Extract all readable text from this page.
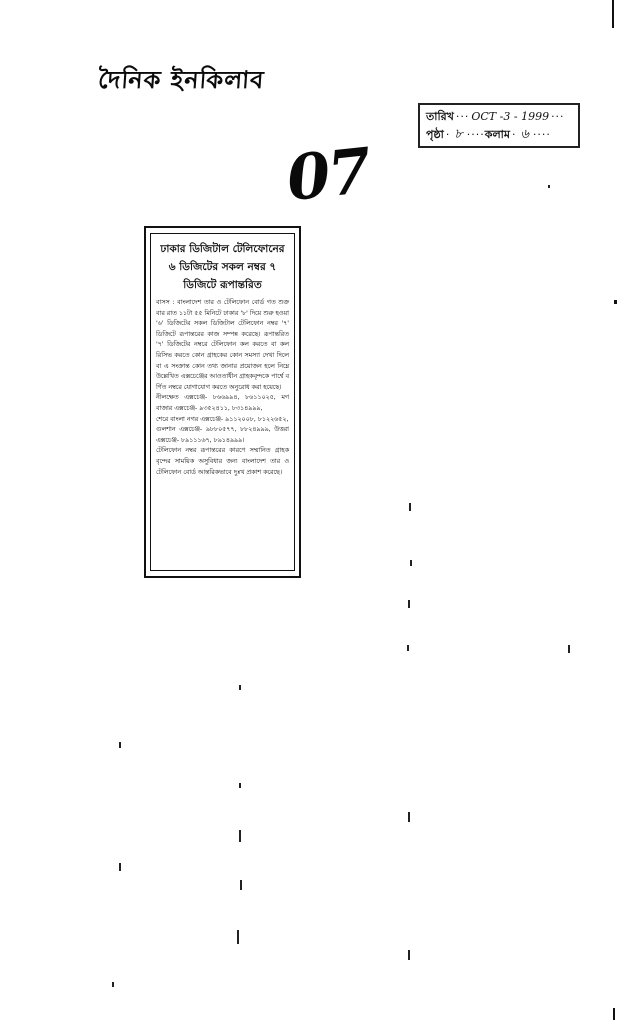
দৈনিক ইনকিলাব
তারিখ ··· OCT -3 - 1999 ···
পৃষ্ঠা · ৮ ···· কলাম · ৬ ····
07
ঢাকার ডিজিটাল টেলিফোনের
৬ ডিজিটের সকল নম্বর ৭
ডিজিটে রূপান্তরিত

বাসস : বাংলাদেশ তার ও টেলিফোন বোর্ড গত শুক্রবার রাত ১১টা ৫৫ মিনিটে ঢাকার '৮' দিয়ে শুরু হওয়া '৬' ডিজিটের সকল ডিজিটাল টেলিফোন নম্বর '৭' ডিজিটে রূপান্তরের কাজ সম্পন্ন করেছে। রূপান্তরিত '৭' ডিজিটের নম্বরে টেলিফোন কল করতে বা কল রিসিভ করতে কোন গ্রাহকের কোন সমস্যা দেখা দিলে বা এ সংক্রান্ত কোন তথ্য জানার প্রয়োজন হলে নিম্নে উল্লেখিত এক্সচেঞ্জের আওতাধীন গ্রাহকবৃন্দকে পার্শ্বে বর্ণিত নম্বরে যোগাযোগ করতে অনুরোধ করা হয়েছে।

নীলক্ষেত এক্সচেঞ্জ- ৮৬৬৯৯৪, ৮৬১১০২৫, মগবাজার এক্সচেঞ্জ- ৯৩৫২৪১১, ৮৩১৪৯৯৯,

শেরে বাংলা নগর এক্সচেঞ্জ- ৯১১২০০৮, ৮১২২৬৫২,

গুলশান এক্সচেঞ্জ- ৯৮৮০৫৭৭, ৮৮২৪৯৯৯, উত্তরা এক্সচেঞ্জ- ৮৯১১১৬৭, ৮৯১৪৯৯৯।

টেলিফোন নম্বর রূপান্তরের কারণে সম্মানিত গ্রাহকবৃন্দের সাময়িক অসুবিধার জন্য বাংলাদেশ তার ও টেলিফোন বোর্ড আন্তরিকভাবে দুঃখ প্রকাশ করেছে।
